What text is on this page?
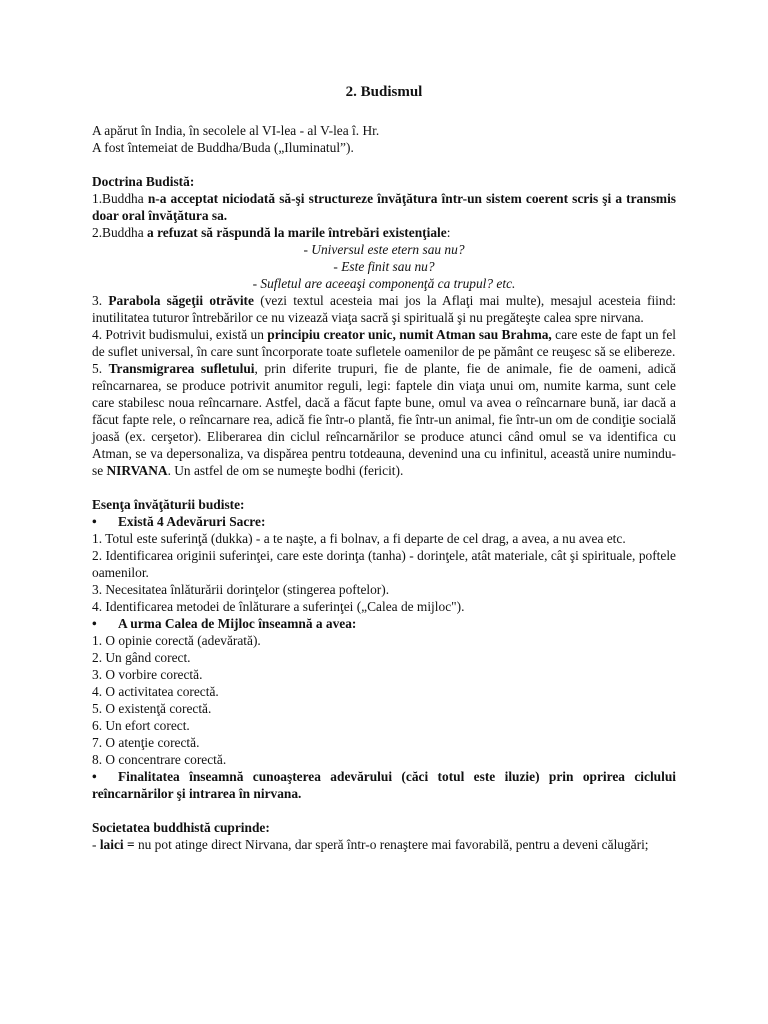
2. Budismul

A apărut în India, în secolele al VI-lea - al V-lea î. Hr.

A fost întemeiat de Buddha/Buda („Iluminatul”).

Doctrina Budistă:

1.Buddha n-a acceptat niciodată să-şi structureze învăţătura într-un sistem coerent scris şi a transmis doar oral învăţătura sa.

2.Buddha a refuzat să răspundă la marile întrebări existenţiale:

- Universul este etern sau nu?

- Este finit sau nu?

- Sufletul are aceeaşi componenţă ca trupul? etc.

3. Parabola săgeţii otrăvite (vezi textul acesteia mai jos la Aflaţi mai multe), mesajul acesteia fiind: inutilitatea tuturor întrebărilor ce nu vizează viaţa sacră şi spirituală şi nu pregăteşte calea spre nirvana.

4. Potrivit budismului, există un principiu creator unic, numit Atman sau Brahma, care este de fapt un fel de suflet universal, în care sunt încorporate toate sufletele oamenilor de pe pământ ce reuşesc să se elibereze.

5. Transmigrarea sufletului, prin diferite trupuri, fie de plante, fie de animale, fie de oameni, adică reîncarnarea, se produce potrivit anumitor reguli, legi: faptele din viaţa unui om, numite karma, sunt cele care stabilesc noua reîncarnare. Astfel, dacă a făcut fapte bune, omul va avea o reîncarnare bună, iar dacă a făcut fapte rele, o reîncarnare rea, adică fie într-o plantă, fie într-un animal, fie într-un om de condiţie socială joasă (ex. cerşetor). Eliberarea din ciclul reîncarnărilor se produce atunci când omul se va identifica cu Atman, se va depersonaliza, va dispărea pentru totdeauna, devenind una cu infinitul, această unire numindu-se NIRVANA. Un astfel de om se numeşte bodhi (fericit).

Esenţa învăţăturii budiste:

• Există 4 Adevăruri Sacre:

1. Totul este suferinţă (dukka) - a te naşte, a fi bolnav, a fi departe de cel drag, a avea, a nu avea etc.

2. Identificarea originii suferinţei, care este dorinţa (tanha) - dorinţele, atât materiale, cât şi spirituale, poftele oamenilor.

3. Necesitatea înlăturării dorinţelor (stingerea poftelor).

4. Identificarea metodei de înlăturare a suferinţei („Calea de mijloc").

• A urma Calea de Mijloc înseamnă a avea:

1. O opinie corectă (adevărată).

2. Un gând corect.

3. O vorbire corectă.

4. O activitatea corectă.

5. O existenţă corectă.

6. Un efort corect.

7. O atenţie corectă.

8. O concentrare corectă.

• Finalitatea înseamnă cunoaşterea adevărului (căci totul este iluzie) prin oprirea ciclului reîncarnărilor şi intrarea în nirvana.

Societatea buddhistă cuprinde:

- laici = nu pot atinge direct Nirvana, dar speră într-o renaştere mai favorabilă, pentru a deveni călugări;
